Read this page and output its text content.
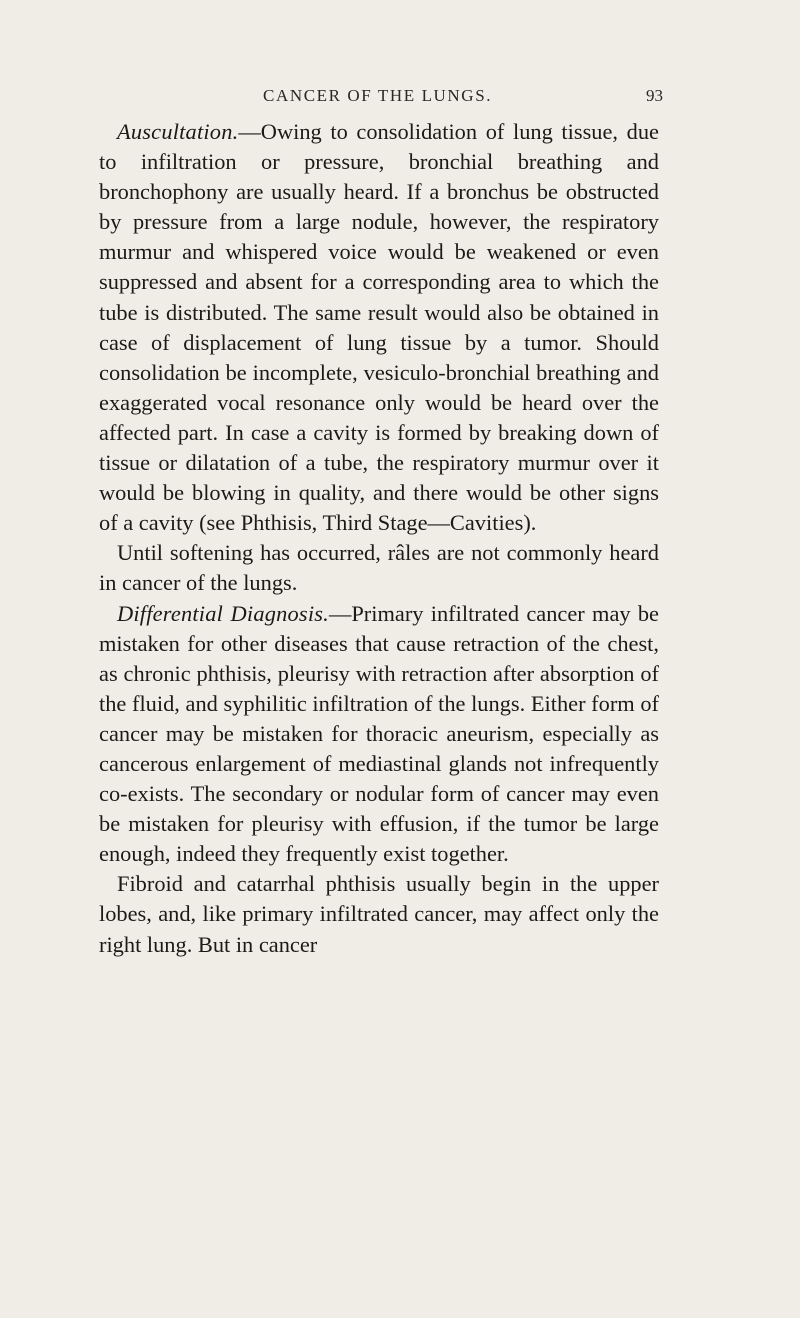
CANCER OF THE LUNGS.	93

Auscultation.—Owing to consolidation of lung tissue, due to infiltration or pressure, bronchial breathing and bronchophony are usually heard. If a bronchus be obstructed by pressure from a large nodule, however, the respiratory murmur and whispered voice would be weakened or even suppressed and absent for a corresponding area to which the tube is distributed. The same result would also be obtained in case of displacement of lung tissue by a tumor. Should consolidation be incomplete, vesiculo-bronchial breathing and exaggerated vocal resonance only would be heard over the affected part. In case a cavity is formed by breaking down of tissue or dilatation of a tube, the respiratory murmur over it would be blowing in quality, and there would be other signs of a cavity (see Phthisis, Third Stage—Cavities).

Until softening has occurred, râles are not commonly heard in cancer of the lungs.

Differential Diagnosis.—Primary infiltrated cancer may be mistaken for other diseases that cause retraction of the chest, as chronic phthisis, pleurisy with retraction after absorption of the fluid, and syphilitic infiltration of the lungs. Either form of cancer may be mistaken for thoracic aneurism, especially as cancerous enlargement of mediastinal glands not infrequently co-exists. The secondary or nodular form of cancer may even be mistaken for pleurisy with effusion, if the tumor be large enough, indeed they frequently exist together.

Fibroid and catarrhal phthisis usually begin in the upper lobes, and, like primary infiltrated cancer, may affect only the right lung. But in cancer
